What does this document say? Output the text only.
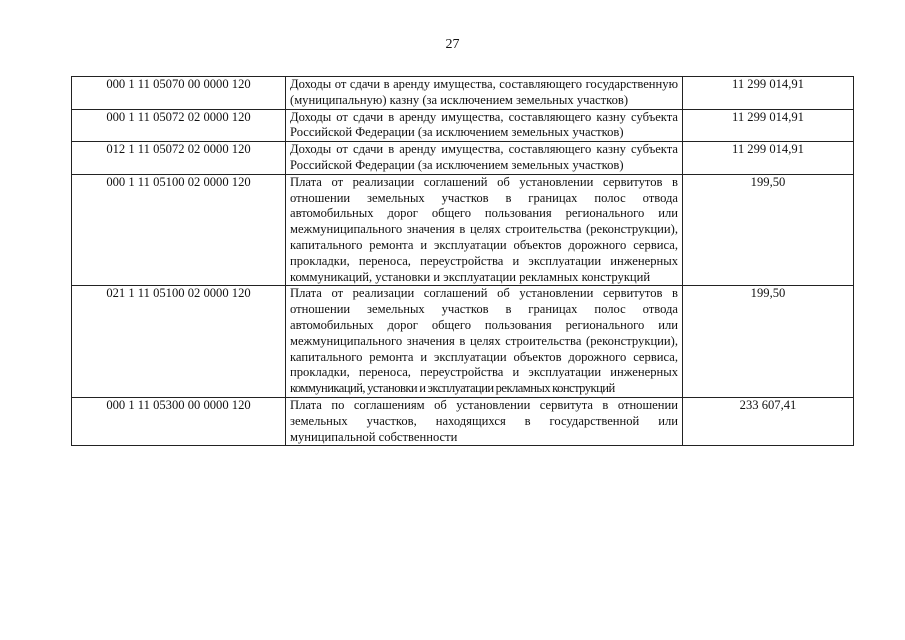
27
000 1 11 05070 00 0000 120	Доходы от сдачи в аренду имущества, составляющего государственную (муниципальную) казну (за исключением земельных участков)	11 299 014,91
000 1 11 05072 02 0000 120	Доходы от сдачи в аренду имущества, составляющего казну субъекта Российской Федерации (за исключением земельных участков)	11 299 014,91
012 1 11 05072 02 0000 120	Доходы от сдачи в аренду имущества, составляющего казну субъекта Российской Федерации (за исключением земельных участков)	11 299 014,91
000 1 11 05100 02 0000 120	Плата от реализации соглашений об установлении сервитутов в отношении земельных участков в границах полос отвода автомобильных дорог общего пользования регионального или межмуниципального значения в целях строительства (реконструкции), капитального ремонта и эксплуатации объектов дорожного сервиса, прокладки, переноса, переустройства и эксплуатации инженерных коммуникаций, установки и эксплуатации рекламных конструкций	199,50
021 1 11 05100 02 0000 120	Плата от реализации соглашений об установлении сервитутов в отношении земельных участков в границах полос отвода автомобильных дорог общего пользования регионального или межмуниципального значения в целях строительства (реконструкции), капитального ремонта и эксплуатации объектов дорожного сервиса, прокладки, переноса, переустройства и эксплуатации инженерных коммуникаций, установки и эксплуатации рекламных конструкций	199,50
000 1 11 05300 00 0000 120	Плата по соглашениям об установлении сервитута в отношении земельных участков, находящихся в государственной или муниципальной собственности	233 607,41
